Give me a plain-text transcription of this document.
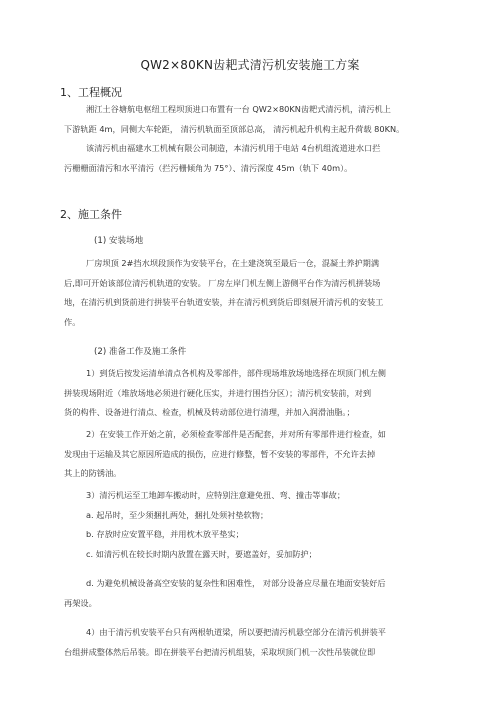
QW2×80KN齿耙式清污机安装施工方案
1、工程概况
湘江土谷塘航电枢纽工程坝顶进口布置有一台 QW2×80KN齿耙式清污机，清污机上
下游轨距 4m，同侧大车轮距， 清污机轨面至顶部总高， 清污机起升机构主起升荷载 80KN。
该清污机由福建水工机械有限公司制造，本清污机用于电站 4台机组流道进水口拦
污栅栅面清污和水平清污（拦污栅倾角为 75°）、清污深度 45m（轨下 40m）。
2、施工条件
(1) 安装场地
厂房坝顶 2#挡水坝段顶作为安装平台，在土建浇筑至最后一仓，混凝土养护期满
后,即可开始该部位清污机轨道的安装。 厂房左岸门机左侧上游侧平台作为清污机拼装场
地，在清污机到货前进行拼装平台轨道安装，并在清污机到货后即刻展开清污机的安装工
作。
(2) 准备工作及施工条件
1）到货后按发运清单清点各机构及零部件，部件现场堆放场地选择在坝顶门机左侧
拼装现场附近（堆放场地必须进行硬化压实，并进行围挡分区）；清污机安装前，对到
货的构件、设备进行清点、检查，机械及转动部位进行清理，并加入润滑油脂。；
2）在安装工作开始之前，必须检查零部件是否配套，并对所有零部件进行检查，如
发现由于运输及其它原因所造成的损伤，应进行修整，暂不安装的零部件，不允许去掉
其上的防锈油。
3）清污机运至工地卸车搬动时，应特别注意避免扭、弯、撞击等事故；
a. 起吊时，至少须捆扎两处，捆扎处须衬垫软物；
b. 存放时应安置平稳，并用枕木放平垫实；
c. 如清污机在较长时期内放置在露天时，要遮盖好，妥加防护；
d. 为避免机械设备高空安装的复杂性和困难性， 对部分设备应尽量在地面安装好后
再架设。
4）由于清污机安装平台只有两根轨道梁，所以要把清污机悬空部分在清污机拼装平
台组拼成整体然后吊装。即在拼装平台把清污机组装，采取坝顶门机一次性吊装就位即
